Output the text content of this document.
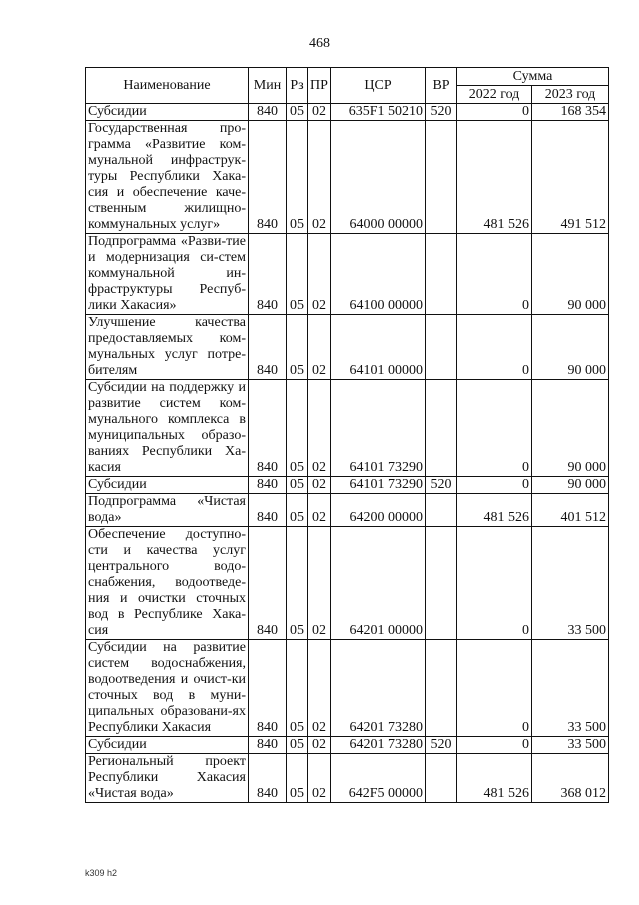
468
Наименование	Мин	Рз	ПР	ЦСР	ВР	Сумма	
						2022 год	2023 год
Субсидии	840	05	02	635F1 50210	520	0	168 354
Государственная про-грамма «Развитие ком-мунальной инфраструк-туры Республики Хака-сия и обеспечение каче-ственным жилищно-коммунальных услуг»	840	05	02	64000 00000		481 526	491 512
Подпрограмма «Разви-тие и модернизация си-стем коммунальной ин-фраструктуры Респуб-лики Хакасия»	840	05	02	64100 00000		0	90 000
Улучшение качества предоставляемых ком-мунальных услуг потре-бителям	840	05	02	64101 00000		0	90 000
Субсидии на поддержку и развитие систем ком-мунального комплекса в муниципальных образо-ваниях Республики Ха-касия	840	05	02	64101 73290		0	90 000
Субсидии	840	05	02	64101 73290	520	0	90 000
Подпрограмма «Чистая вода»	840	05	02	64200 00000		481 526	401 512
Обеспечение доступно-сти и качества услуг центрального водо-снабжения, водоотведе-ния и очистки сточных вод в Республике Хака-сия	840	05	02	64201 00000		0	33 500
Субсидии на развитие систем водоснабжения, водоотведения и очист-ки сточных вод в муни-ципальных образовани-ях Республики Хакасия	840	05	02	64201 73280		0	33 500
Субсидии	840	05	02	64201 73280	520	0	33 500
Региональный проект Республики Хакасия «Чистая вода»	840	05	02	642F5 00000		481 526	368 012
k309 h2
